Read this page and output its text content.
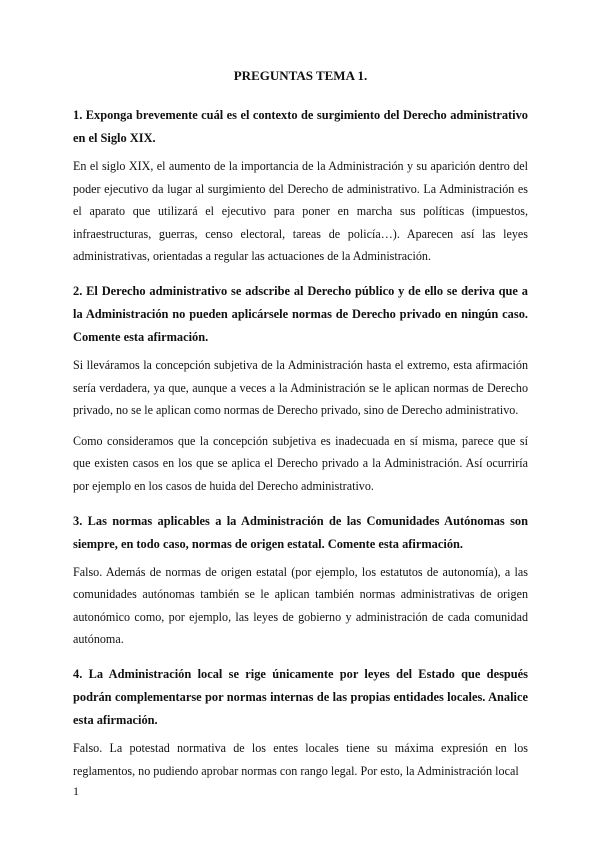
PREGUNTAS TEMA 1.
1. Exponga brevemente cuál es el contexto de surgimiento del Derecho administrativo en el Siglo XIX.
En el siglo XIX, el aumento de la importancia de la Administración y su aparición dentro del poder ejecutivo da lugar al surgimiento del Derecho de administrativo. La Administración es el aparato que utilizará el ejecutivo para poner en marcha sus políticas (impuestos, infraestructuras, guerras, censo electoral, tareas de policía…). Aparecen así las leyes administrativas, orientadas a regular las actuaciones de la Administración.
2. El Derecho administrativo se adscribe al Derecho público y de ello se deriva que a la Administración no pueden aplicársele normas de Derecho privado en ningún caso. Comente esta afirmación.
Si lleváramos la concepción subjetiva de la Administración hasta el extremo, esta afirmación sería verdadera, ya que, aunque a veces a la Administración se le aplican normas de Derecho privado, no se le aplican como normas de Derecho privado, sino de Derecho administrativo.
Como consideramos que la concepción subjetiva es inadecuada en sí misma, parece que sí que existen casos en los que se aplica el Derecho privado a la Administración. Así ocurriría por ejemplo en los casos de huida del Derecho administrativo.
3. Las normas aplicables a la Administración de las Comunidades Autónomas son siempre, en todo caso, normas de origen estatal. Comente esta afirmación.
Falso. Además de normas de origen estatal (por ejemplo, los estatutos de autonomía), a las comunidades autónomas también se le aplican también normas administrativas de origen autonómico como, por ejemplo, las leyes de gobierno y administración de cada comunidad autónoma.
4. La Administración local se rige únicamente por leyes del Estado que después podrán complementarse por normas internas de las propias entidades locales. Analice esta afirmación.
Falso. La potestad normativa de los entes locales tiene su máxima expresión en los reglamentos, no pudiendo aprobar normas con rango legal. Por esto, la Administración local
1
